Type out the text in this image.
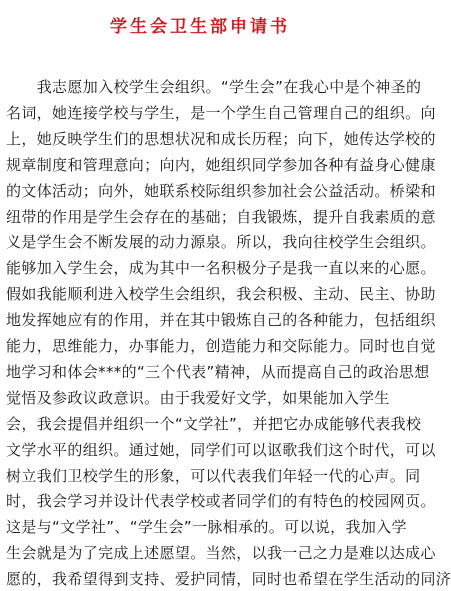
学生会卫生部申请书
　　我志愿加入校学生会组织。“学生会”在我心中是个神圣的
名词，她连接学校与学生，是一个学生自己管理自己的组织。向
上，她反映学生们的思想状况和成长历程；向下，她传达学校的
规章制度和管理意向；向内，她组织同学参加各种有益身心健康
的文体活动；向外，她联系校际组织参加社会公益活动。桥梁和
纽带的作用是学生会存在的基础；自我锻炼，提升自我素质的意
义是学生会不断发展的动力源泉。所以，我向往校学生会组织。
能够加入学生会，成为其中一名积极分子是我一直以来的心愿。
假如我能顺利进入校学生会组织，我会积极、主动、民主、协助
地发挥她应有的作用，并在其中锻炼自己的各种能力，包括组织
能力，思维能力，办事能力，创造能力和交际能力。同时也自觉
地学习和体会***的“三个代表”精神，从而提高自己的政治思想
觉悟及参政议政意识。由于我爱好文学，如果能加入学生
会，我会提倡并组织一个“文学社”，并把它办成能够代表我校
文学水平的组织。通过她，同学们可以讴歌我们这个时代，可以
树立我们卫校学生的形象，可以代表我们年轻一代的心声。同
时，我会学习并设计代表学校或者同学们的有特色的校园网页。
这是与“文学社”、“学生会”一脉相承的。可以说，我加入学
生会就是为了完成上述愿望。当然，以我一己之力是难以达成心
愿的，我希望得到支持、爱护同情，同时也希望在学生活动的同济
